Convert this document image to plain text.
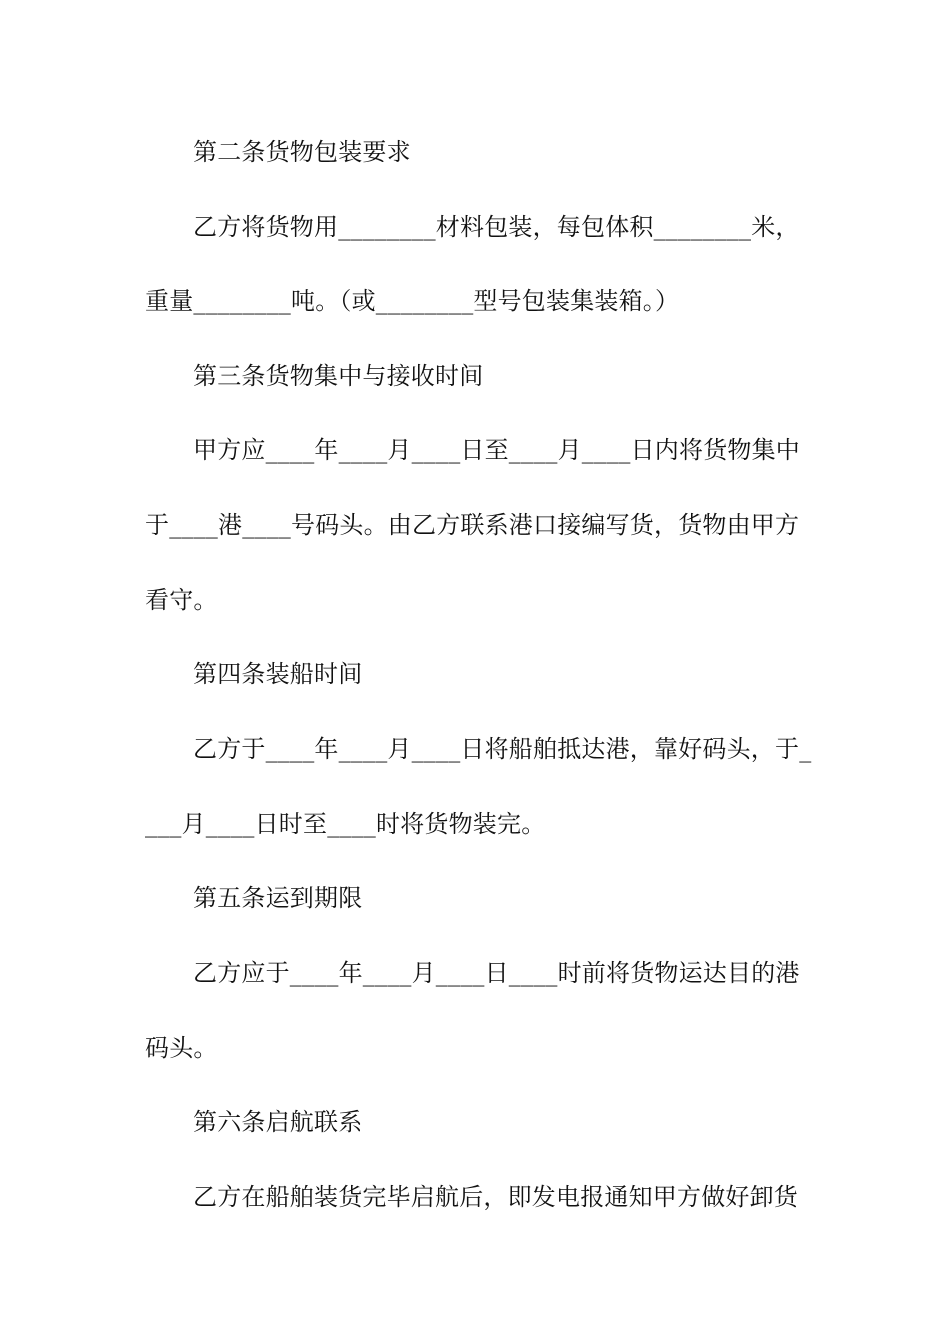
第二条货物包装要求
乙方将货物用________材料包装，每包体积________米，
重量________吨。（或________型号包装集装箱。）
第三条货物集中与接收时间
甲方应____年____月____日至____月____日内将货物集中
于____港____号码头。由乙方联系港口接编写货，货物由甲方
看守。
第四条装船时间
乙方于____年____月____日将船舶抵达港，靠好码头，于_
___月____日时至____时将货物装完。
第五条运到期限
乙方应于____年____月____日____时前将货物运达目的港
码头。
第六条启航联系
乙方在船舶装货完毕启航后，即发电报通知甲方做好卸货
